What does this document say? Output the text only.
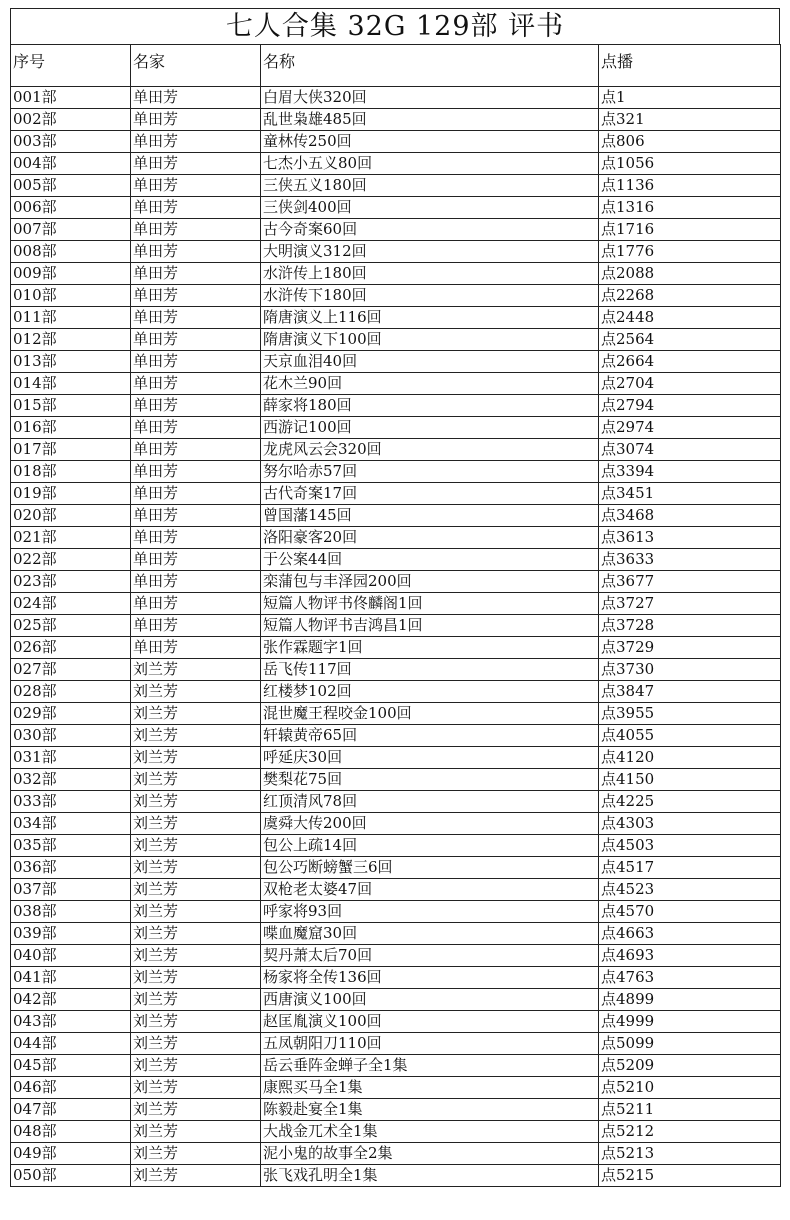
七人合集 32G 129部 评书
序号	名家	名称	点播
001部	单田芳	白眉大侠320回	点1
002部	单田芳	乱世枭雄485回	点321
003部	单田芳	童林传250回	点806
004部	单田芳	七杰小五义80回	点1056
005部	单田芳	三侠五义180回	点1136
006部	单田芳	三侠剑400回	点1316
007部	单田芳	古今奇案60回	点1716
008部	单田芳	大明演义312回	点1776
009部	单田芳	水浒传上180回	点2088
010部	单田芳	水浒传下180回	点2268
011部	单田芳	隋唐演义上116回	点2448
012部	单田芳	隋唐演义下100回	点2564
013部	单田芳	天京血泪40回	点2664
014部	单田芳	花木兰90回	点2704
015部	单田芳	薛家将180回	点2794
016部	单田芳	西游记100回	点2974
017部	单田芳	龙虎风云会320回	点3074
018部	单田芳	努尔哈赤57回	点3394
019部	单田芳	古代奇案17回	点3451
020部	单田芳	曾国藩145回	点3468
021部	单田芳	洛阳豪客20回	点3613
022部	单田芳	于公案44回	点3633
023部	单田芳	栾蒲包与丰泽园200回	点3677
024部	单田芳	短篇人物评书佟麟阁1回	点3727
025部	单田芳	短篇人物评书吉鸿昌1回	点3728
026部	单田芳	张作霖题字1回	点3729
027部	刘兰芳	岳飞传117回	点3730
028部	刘兰芳	红楼梦102回	点3847
029部	刘兰芳	混世魔王程咬金100回	点3955
030部	刘兰芳	轩辕黄帝65回	点4055
031部	刘兰芳	呼延庆30回	点4120
032部	刘兰芳	樊梨花75回	点4150
033部	刘兰芳	红顶清风78回	点4225
034部	刘兰芳	虞舜大传200回	点4303
035部	刘兰芳	包公上疏14回	点4503
036部	刘兰芳	包公巧断螃蟹三6回	点4517
037部	刘兰芳	双枪老太婆47回	点4523
038部	刘兰芳	呼家将93回	点4570
039部	刘兰芳	喋血魔窟30回	点4663
040部	刘兰芳	契丹萧太后70回	点4693
041部	刘兰芳	杨家将全传136回	点4763
042部	刘兰芳	西唐演义100回	点4899
043部	刘兰芳	赵匡胤演义100回	点4999
044部	刘兰芳	五凤朝阳刀110回	点5099
045部	刘兰芳	岳云垂阵金蝉子全1集	点5209
046部	刘兰芳	康熙买马全1集	点5210
047部	刘兰芳	陈毅赴宴全1集	点5211
048部	刘兰芳	大战金兀术全1集	点5212
049部	刘兰芳	泥小鬼的故事全2集	点5213
050部	刘兰芳	张飞戏孔明全1集	点5215
